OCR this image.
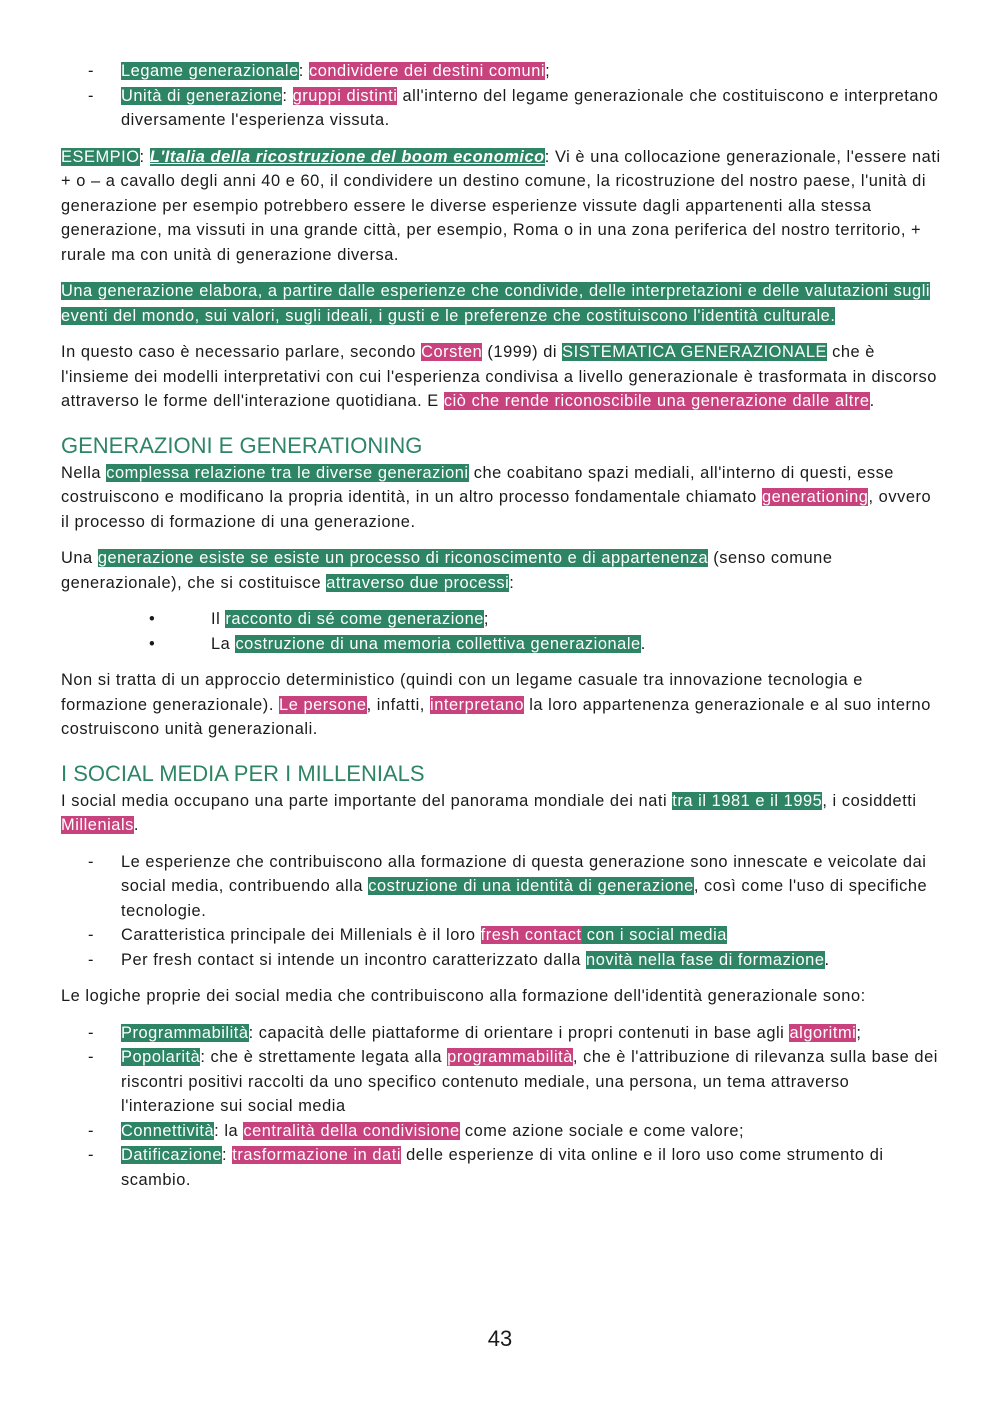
- Legame generazionale: condividere dei destini comuni;
- Unità di generazione: gruppi distinti all'interno del legame generazionale che costituiscono e interpretano diversamente l'esperienza vissuta.

ESEMPIO: L'Italia della ricostruzione del boom economico: Vi è una collocazione generazionale, l'essere nati + o – a cavallo degli anni 40 e 60, il condividere un destino comune, la ricostruzione del nostro paese, l'unità di generazione per esempio potrebbero essere le diverse esperienze vissute dagli appartenenti alla stessa generazione, ma vissuti in una grande città, per esempio, Roma o in una zona periferica del nostro territorio, + rurale ma con unità di generazione diversa.

Una generazione elabora, a partire dalle esperienze che condivide, delle interpretazioni e delle valutazioni sugli eventi del mondo, sui valori, sugli ideali, i gusti e le preferenze che costituiscono l'identità culturale.

In questo caso è necessario parlare, secondo Corsten (1999) di SISTEMATICA GENERAZIONALE che è l'insieme dei modelli interpretativi con cui l'esperienza condivisa a livello generazionale è trasformata in discorso attraverso le forme dell'interazione quotidiana. E ciò che rende riconoscibile una generazione dalle altre.

GENERAZIONI E GENERATIONING

Nella complessa relazione tra le diverse generazioni che coabitano spazi mediali, all'interno di questi, esse costruiscono e modificano la propria identità, in un altro processo fondamentale chiamato generationing, ovvero il processo di formazione di una generazione.

Una generazione esiste se esiste un processo di riconoscimento e di appartenenza (senso comune generazionale), che si costituisce attraverso due processi:

•	Il racconto di sé come generazione;
•	La costruzione di una memoria collettiva generazionale.

Non si tratta di un approccio deterministico (quindi con un legame casuale tra innovazione tecnologia e formazione generazionale). Le persone, infatti, interpretano la loro appartenenza generazionale e al suo interno costruiscono unità generazionali.

I SOCIAL MEDIA PER I MILLENIALS

I social media occupano una parte importante del panorama mondiale dei nati tra il 1981 e il 1995, i cosiddetti Millenials.

- Le esperienze che contribuiscono alla formazione di questa generazione sono innescate e veicolate dai social media, contribuendo alla costruzione di una identità di generazione, così come l'uso di specifiche tecnologie.
- Caratteristica principale dei Millenials è il loro fresh contact con i social media
- Per fresh contact si intende un incontro caratterizzato dalla novità nella fase di formazione.

Le logiche proprie dei social media che contribuiscono alla formazione dell'identità generazionale sono:

- Programmabilità: capacità delle piattaforme di orientare i propri contenuti in base agli algoritmi;
- Popolarità: che è strettamente legata alla programmabilità, che è l'attribuzione di rilevanza sulla base dei riscontri positivi raccolti da uno specifico contenuto mediale, una persona, un tema attraverso l'interazione sui social media
- Connettività: la centralità della condivisione come azione sociale e come valore;
- Datificazione: trasformazione in dati delle esperienze di vita online e il loro uso come strumento di scambio.
43
